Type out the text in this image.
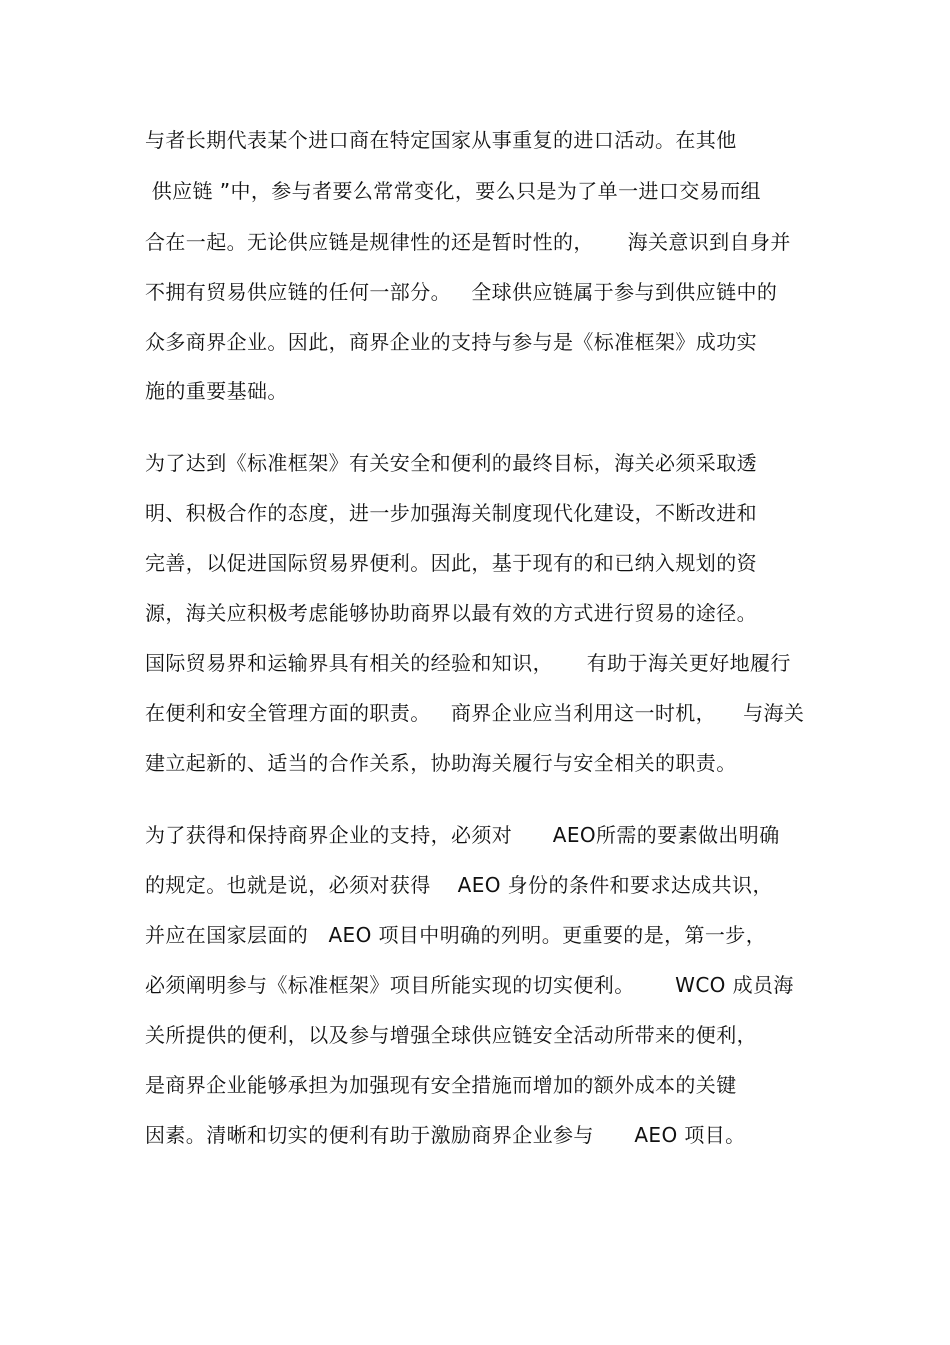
与者长期代表某个进口商在特定国家从事重复的进口活动。在其他
供应链 ”中，参与者要么常常变化，要么只是为了单一进口交易而组
合在一起。无论供应链是规律性的还是暂时性的，     海关意识到自身并
不拥有贸易供应链的任何一部分。   全球供应链属于参与到供应链中的
众多商界企业。因此，商界企业的支持与参与是《标准框架》成功实
施的重要基础。
为了达到《标准框架》有关安全和便利的最终目标，海关必须采取透
明、积极合作的态度，进一步加强海关制度现代化建设，不断改进和
完善，以促进国际贸易界便利。因此，基于现有的和已纳入规划的资
源，海关应积极考虑能够协助商界以最有效的方式进行贸易的途径。
国际贸易界和运输界具有相关的经验和知识，     有助于海关更好地履行
在便利和安全管理方面的职责。   商界企业应当利用这一时机，    与海关
建立起新的、适当的合作关系，协助海关履行与安全相关的职责。
为了获得和保持商界企业的支持，必须对      AEO所需的要素做出明确
的规定。也就是说，必须对获得    AEO 身份的条件和要求达成共识，
并应在国家层面的   AEO 项目中明确的列明。更重要的是，第一步，
必须阐明参与《标准框架》项目所能实现的切实便利。      WCO 成员海
关所提供的便利，以及参与增强全球供应链安全活动所带来的便利，
是商界企业能够承担为加强现有安全措施而增加的额外成本的关键
因素。清晰和切实的便利有助于激励商界企业参与      AEO 项目。
